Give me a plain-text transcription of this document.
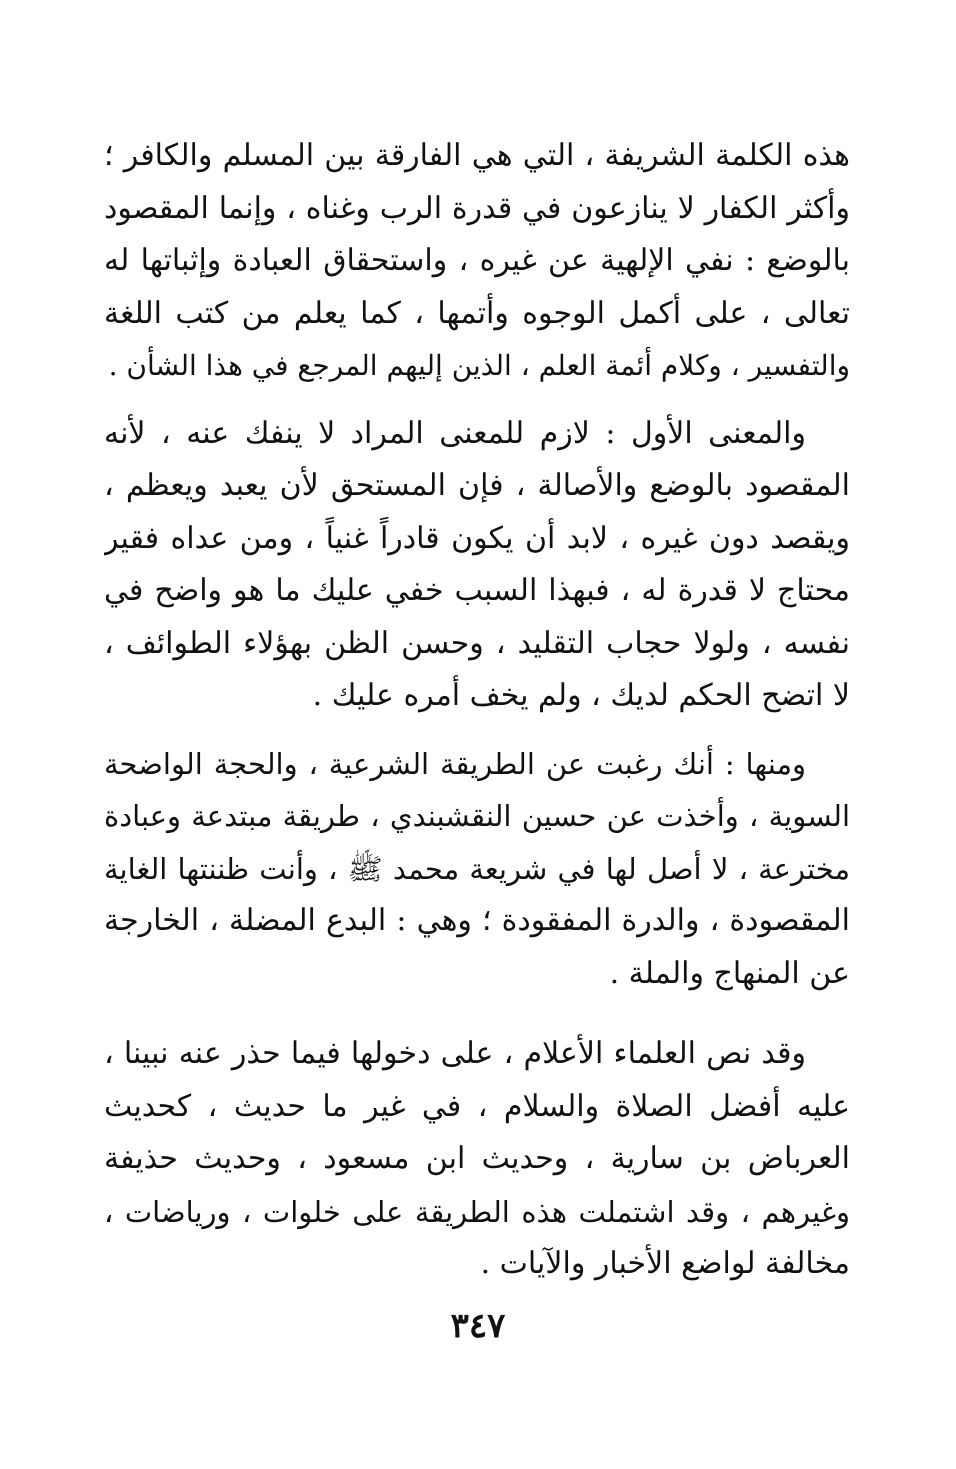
هذه الكلمة الشريفة ، التي هي الفارقة بين المسلم والكافر ؛
وأكثر الكفار لا ينازعون في قدرة الرب وغناه ، وإنما المقصود
بالوضع : نفي الإلهية عن غيره ، واستحقاق العبادة وإثباتها له
تعالى ، على أكمل الوجوه وأتمها ، كما يعلم من كتب اللغة
والتفسير ، وكلام أئمة العلم ، الذين إليهم المرجع في هذا الشأن .
والمعنى الأول : لازم للمعنى المراد لا ينفك عنه ، لأنه
المقصود بالوضع والأصالة ، فإن المستحق لأن يعبد ويعظم ،
ويقصد دون غيره ، لابد أن يكون قادراً غنياً ، ومن عداه فقير
محتاج لا قدرة له ، فبهذا السبب خفي عليك ما هو واضح في
نفسه ، ولولا حجاب التقليد ، وحسن الظن بهؤلاء الطوائف ،
لا اتضح الحكم لديك ، ولم يخف أمره عليك .
ومنها : أنك رغبت عن الطريقة الشرعية ، والحجة الواضحة
السوية ، وأخذت عن حسين النقشبندي ، طريقة مبتدعة وعبادة
مخترعة ، لا أصل لها في شريعة محمد ﷺ ، وأنت ظننتها الغاية
المقصودة ، والدرة المفقودة ؛ وهي : البدع المضلة ، الخارجة
عن المنهاج والملة .
وقد نص العلماء الأعلام ، على دخولها فيما حذر عنه نبينا ،
عليه أفضل الصلاة والسلام ، في غير ما حديث ، كحديث
العرباض بن سارية ، وحديث ابن مسعود ، وحديث حذيفة
وغيرهم ، وقد اشتملت هذه الطريقة على خلوات ، ورياضات ،
مخالفة لواضع الأخبار والآيات .
٣٤٧
